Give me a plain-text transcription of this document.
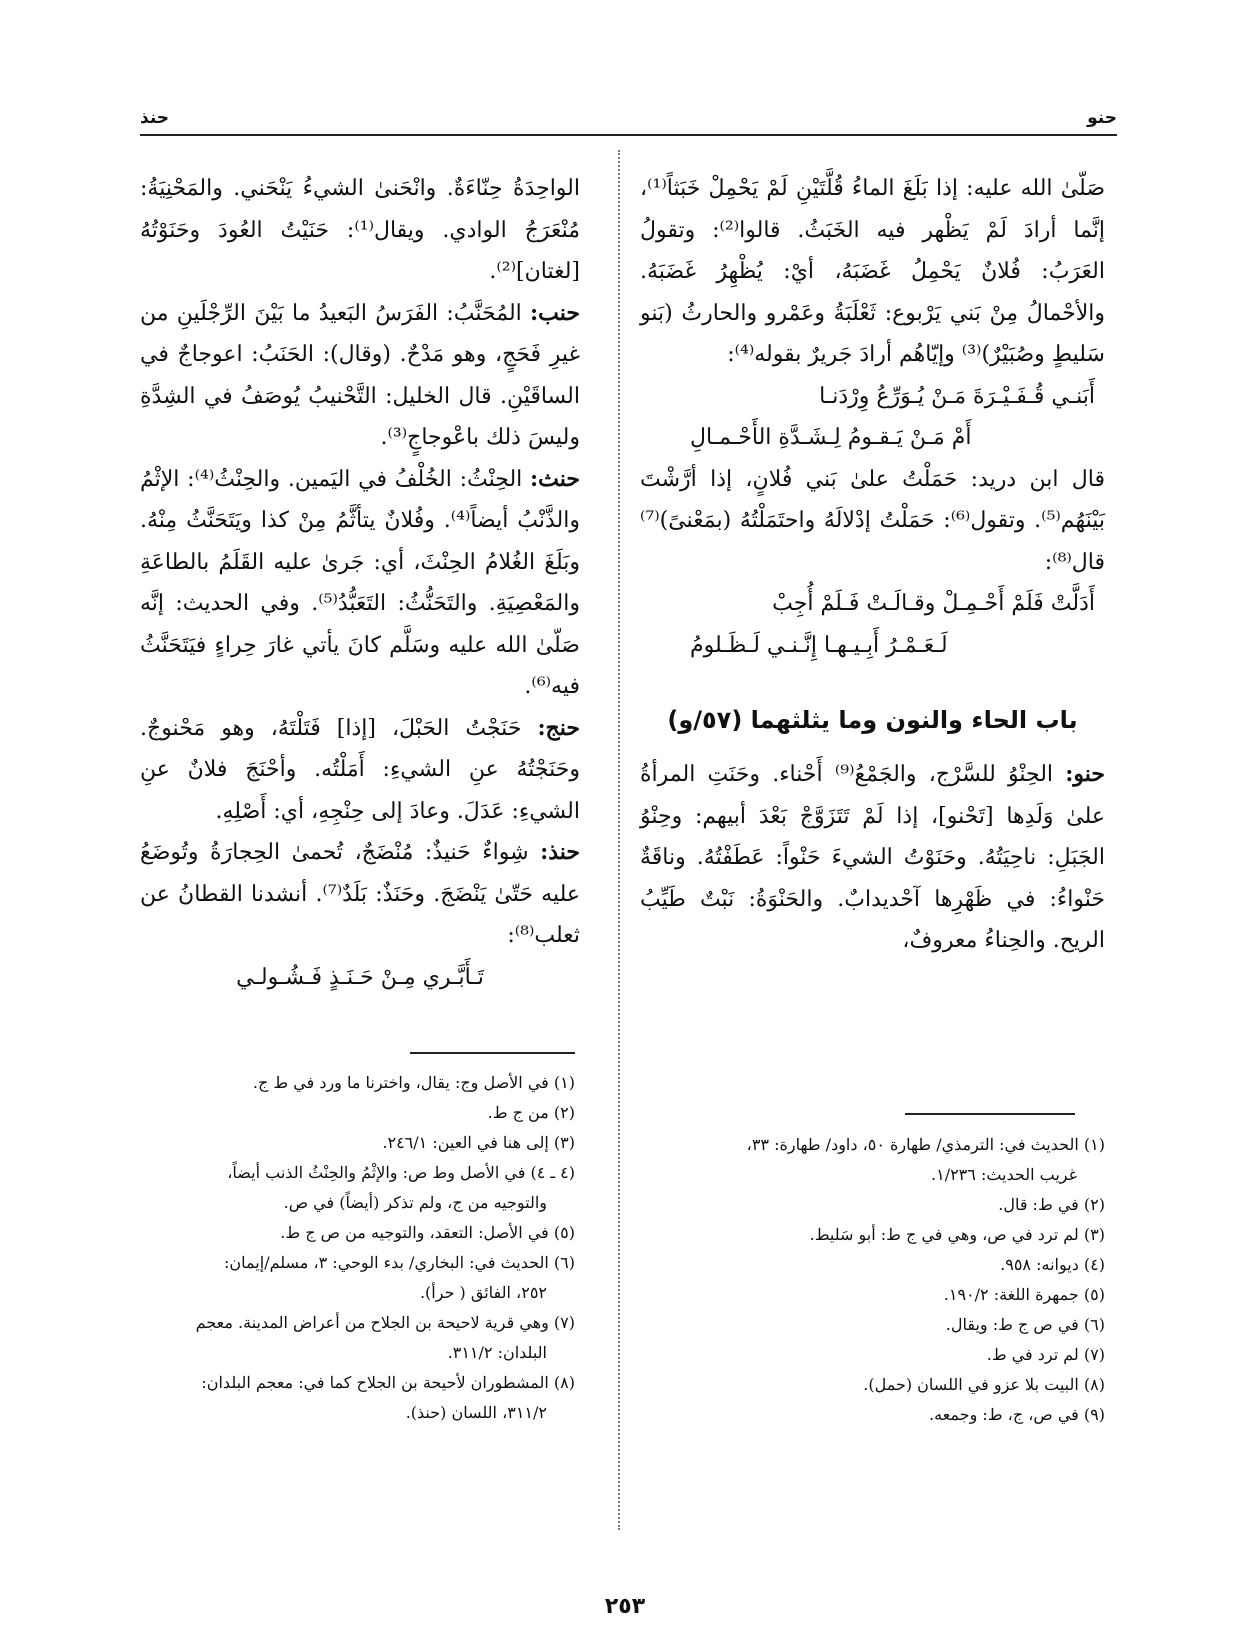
حنو
حنذ

صَلّىٰ الله عليه: إذا بَلَغَ الماءُ قُلَّتَيْنِ لَمْ يَحْمِلْ خَبَثاً⁽¹⁾، إنَّما أرادَ لَمْ يَظْهر فيه الخَبَثُ. قالوا⁽²⁾: وتقولُ العَرَبُ: فُلانٌ يَحْمِلُ غَضَبَهُ، أيْ: يُظْهِرُ غَضَبَهُ. والأحْمالُ مِنْ بَني يَرْبوع: ثَعْلَبَةُ وعَمْرو والحارثُ (بَنو سَليطٍ وصُبَيْرٌ)⁽³⁾ وإيّاهُم أرادَ جَريرٌ بقوله⁽⁴⁾:

أَبَنـي قُـفَـيْـرَةَ مَـنْ يُـوَرِّعُ وِرْدَنـا

أَمْ مَـنْ يَـقـومُ لِـشَـدَّةِ الأَحْـمـالِ

قال ابن دريد: حَمَلْتُ علىٰ بَني فُلانٍ، إذا أرَّشْتَ بَيْنَهُم⁽⁵⁾. وتقول⁽⁶⁾: حَمَلْتُ إدْلالَهُ واحتَمَلْتُهُ (بمَعْنىً)⁽⁷⁾ قال⁽⁸⁾:

أَدَلَّتْ فَلَمْ أَحْـمِـلْ وقـالَـتْ فَـلَمْ أُجِبْ

لَـعَـمْـرُ أَبِـيـهـا إِنَّـنـي لَـظَـلومُ

باب الحاء والنون وما يثلثهما (٥٧/و)

حنو: الحِنْوُ للسَّرْج، والجَمْعُ⁽⁹⁾ أَحْناء. وحَنَتِ المرأةُ علىٰ وَلَدِها [تَحْنو]، إذا لَمْ تَتَزَوَّجْ بَعْدَ أبيهم: وحِنْوُ الجَبَلِ: ناحِيَتُهُ. وحَنَوْتُ الشيءَ حَنْواً: عَطَفْتُهُ. وناقَةٌ حَنْواءُ: في ظَهْرِها آحْديدابٌ. والحَنْوَةُ: نَبْتٌ طَيِّبُ الريح. والحِناءُ معروفٌ،

الواحِدَةُ حِنّاءَةٌ. وانْحَنىٰ الشيءُ يَنْحَني. والمَحْنِيَةُ: مُنْعَرَجُ الوادي. ويقال⁽¹⁾: حَنَيْتُ العُودَ وحَنَوْتُهُ [لغتان]⁽²⁾.

حنب: المُحَنَّبُ: الفَرَسُ البَعيدُ ما بَيْنَ الرِّجْلَينِ من غيرِ فَحَجٍ، وهو مَدْحٌ. (وقال): الحَنَبُ: اعوجاجٌ في الساقَيْنِ. قال الخليل: التَّحْنيبُ يُوصَفُ في الشِدَّةِ وليسَ ذلك باعْوجاجٍ⁽³⁾.

حنث: الحِنْثُ: الخُلْفُ في اليَمين. والحِنْثُ⁽⁴⁾: الإثْمُ والذَّنْبُ أيضاً⁽⁴⁾. وفُلانٌ يتأثَّمُ مِنْ كذا ويَتَحَنَّثُ مِنْهُ. وبَلَغَ الغُلامُ الحِنْثَ، أي: جَرىٰ عليه القَلَمُ بالطاعَةِ والمَعْصِيَةِ. والتَحَنُّثُ: التَعَبُّدُ⁽⁵⁾. وفي الحديث: إنَّه صَلّىٰ الله عليه وسَلَّم كانَ يأتي غارَ حِراءٍ فيَتَحَنَّثُ فيه⁽⁶⁾.

حنج: حَنَجْتُ الحَبْلَ، [إذا] فَتَلْتَهُ، وهو مَحْنوجٌ. وحَنَجْتُهُ عنِ الشيءِ: أَمَلْتُه. وأحْنَجَ فلانٌ عنِ الشيءِ: عَدَلَ. وعادَ إلى حِنْجِهِ، أي: أَصْلِهِ.

حنذ: شِواءٌ حَنيذٌ: مُنْضَجٌ، تُحمىٰ الحِجارَةُ وتُوضَعُ عليه حَتّىٰ يَنْضَجَ. وحَنَذٌ: بَلَدٌ⁽⁷⁾. أنشدنا القطانُ عن ثعلب⁽⁸⁾:

تَـأَبَّـري مِـنْ حَـنَـذٍ فَـشُـولـي

(١) في الأصل وج: يقال، واخترنا ما ورد في ط ج.

(٢) من ج ط.

(٣) إلى هنا في العين: ٢٤٦/١.

(٤ ـ ٤) في الأصل وط ص: والإثْمُ والحِنْثُ الذنب أيضاً،
والتوجيه من ج، ولم تذكر (أيضاً) في ص.

(٥) في الأصل: التعقد، والتوجيه من ص ج ط.

(٦) الحديث في: البخاري/ بدء الوحي: ٣، مسلم/إيمان:
٢٥٢، الفائق ( حرأ).

(٧) وهي قرية لاحيحة بن الجلاح من أعراض المدينة. معجم
البلدان: ٣١١/٢.

(٨) المشطوران لأحيحة بن الجلاح كما في: معجم البلدان:
٣١١/٢، اللسان (حنذ).

(١) الحديث في: الترمذي/ طهارة ٥٠، داود/ طهارة: ٣٣،
غريب الحديث: ١/٢٣٦.

(٢) في ط: قال.

(٣) لم ترد في ص، وهي في ج ط: أبو سَليط.

(٤) ديوانه: ٩٥٨.

(٥) جمهرة اللغة: ١٩٠/٢.

(٦) في ص ج ط: ويقال.

(٧) لم ترد في ط.

(٨) البيت بلا عزو في اللسان (حمل).

(٩) في ص، ج، ط: وجمعه.

٢٥٣
